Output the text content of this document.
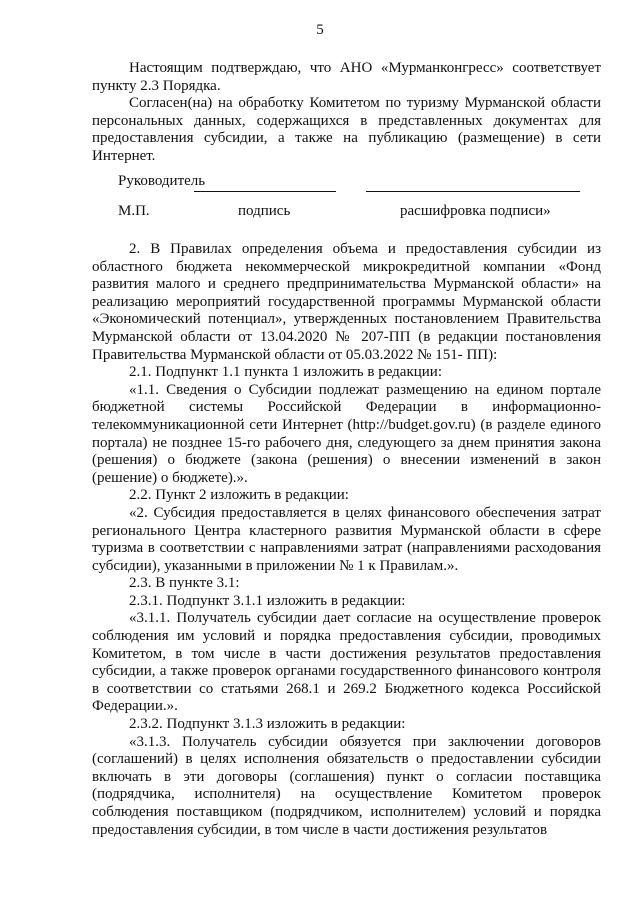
5

Настоящим подтверждаю, что АНО «Мурманконгресс» соответствует пункту 2.3 Порядка.

Согласен(на) на обработку Комитетом по туризму Мурманской области персональных данных, содержащихся в представленных документах для предоставления субсидии, а также на публикацию (размещение) в сети Интернет.

Руководитель
М.П.	подпись	расшифровка подписи»

2. В Правилах определения объема и предоставления субсидии из областного бюджета некоммерческой микрокредитной компании «Фонд развития малого и среднего предпринимательства Мурманской области» на реализацию мероприятий государственной программы Мурманской области «Экономический потенциал», утвержденных постановлением Правительства Мурманской области от 13.04.2020 № 207-ПП (в редакции постановления Правительства Мурманской области от 05.03.2022 № 151- ПП):

2.1. Подпункт 1.1 пункта 1 изложить в редакции:

«1.1. Сведения о Субсидии подлежат размещению на едином портале бюджетной системы Российской Федерации в информационно-телекоммуникационной сети Интернет (http://budget.gov.ru) (в разделе единого портала) не позднее 15-го рабочего дня, следующего за днем принятия закона (решения) о бюджете (закона (решения) о внесении изменений в закон (решение) о бюджете).».

2.2. Пункт 2 изложить в редакции:

«2. Субсидия предоставляется в целях финансового обеспечения затрат регионального Центра кластерного развития Мурманской области в сфере туризма в соответствии с направлениями затрат (направлениями расходования субсидии), указанными в приложении № 1 к Правилам.».

2.3. В пункте 3.1:

2.3.1. Подпункт 3.1.1 изложить в редакции:

«3.1.1. Получатель субсидии дает согласие на осуществление проверок соблюдения им условий и порядка предоставления субсидии, проводимых Комитетом, в том числе в части достижения результатов предоставления субсидии, а также проверок органами государственного финансового контроля в соответствии со статьями 268.1 и 269.2 Бюджетного кодекса Российской Федерации.».

2.3.2. Подпункт 3.1.3 изложить в редакции:

«3.1.3. Получатель субсидии обязуется при заключении договоров (соглашений) в целях исполнения обязательств о предоставлении субсидии включать в эти договоры (соглашения) пункт о согласии поставщика (подрядчика, исполнителя) на осуществление Комитетом проверок соблюдения поставщиком (подрядчиком, исполнителем) условий и порядка предоставления субсидии, в том числе в части достижения результатов
